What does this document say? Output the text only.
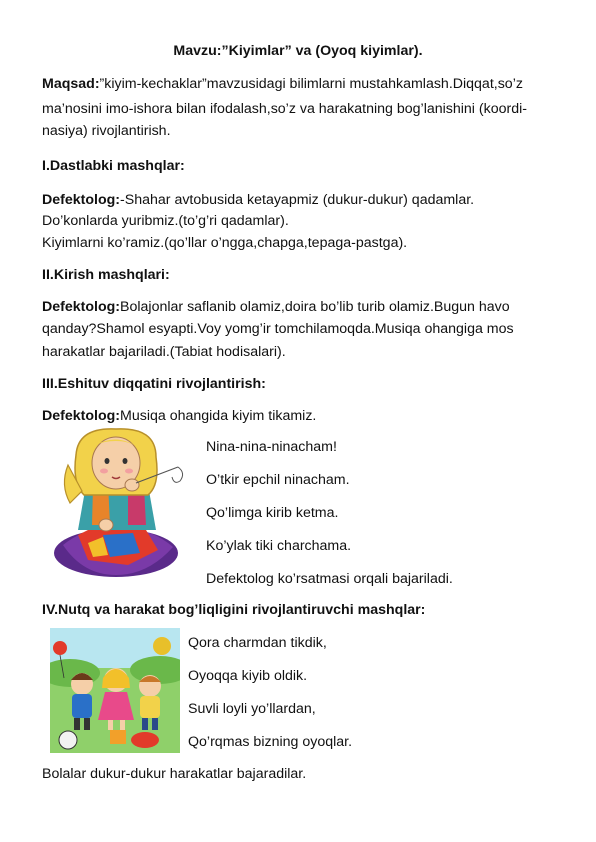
Mavzu:”Kiyimlar” va (Oyoq kiyimlar).
Maqsad:”kiyim-kechaklar”mavzusidagi bilimlarni mustahkamlash.Diqqat,so’z
ma’nosini imo-ishora bilan ifodalash,so’z va harakatning bog’lanishini (koordi-
nasiya) rivojlantirish.
I.Dastlabki mashqlar:
Defektolog:-Shahar avtobusida ketayapmiz (dukur-dukur) qadamlar.
Do’konlarda yuribmiz.(to’g’ri qadamlar).
Kiyimlarni ko’ramiz.(qo’llar o’ngga,chapga,tepaga-pastga).
II.Kirish mashqlari:
Defektolog:Bolajonlar saflanib olamiz,doira bo’lib turib olamiz.Bugun havo
qanday?Shamol esyapti.Voy yomg’ir tomchilamoqda.Musiqa ohangiga mos
harakatlar bajariladi.(Tabiat hodisalari).
III.Eshituv diqqatini rivojlantirish:
Defektolog:Musiqa ohangida kiyim tikamiz.
Nina-nina-ninacham!
O’tkir epchil ninacham.
Qo’limga kirib ketma.
Ko’ylak tiki charchama.
Defektolog ko’rsatmasi orqali bajariladi.
IV.Nutq va harakat bog’liqligini rivojlantiruvchi mashqlar:
Qora charmdan tikdik,
Oyoqqa kiyib oldik.
Suvli loyli yo’llardan,
Qo’rqmas bizning oyoqlar.
Bolalar dukur-dukur harakatlar bajaradilar.
